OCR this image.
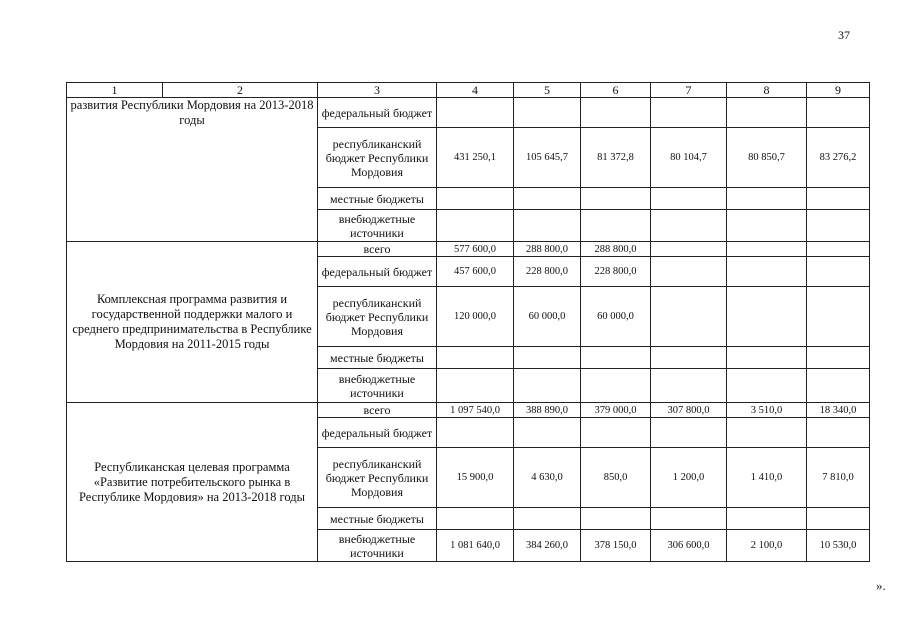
37
1	2	3	4	5	6	7	8	9
развития Республики Мордовия на 2013-2018 годы		федеральный бюджет						
		республиканский бюджет Республики Мордовия	431 250,1	105 645,7	81 372,8	80 104,7	80 850,7	83 276,2
		местные бюджеты						
		внебюджетные источники						
Комплексная программа развития и государственной поддержки малого и среднего предпринимательства в Республике Мордовия на 2011-2015 годы		всего	577 600,0	288 800,0	288 800,0			
		федеральный бюджет	457 600,0	228 800,0	228 800,0			
		республиканский бюджет Республики Мордовия	120 000,0	60 000,0	60 000,0			
		местные бюджеты						
		внебюджетные источники						
Республиканская целевая программа «Развитие потребительского рынка в Республике Мордовия» на 2013-2018 годы		всего	1 097 540,0	388 890,0	379 000,0	307 800,0	3 510,0	18 340,0
		федеральный бюджет						
		республиканский бюджет Республики Мордовия	15 900,0	4 630,0	850,0	1 200,0	1 410,0	7 810,0
		местные бюджеты						
		внебюджетные источники	1 081 640,0	384 260,0	378 150,0	306 600,0	2 100,0	10 530,0
».
